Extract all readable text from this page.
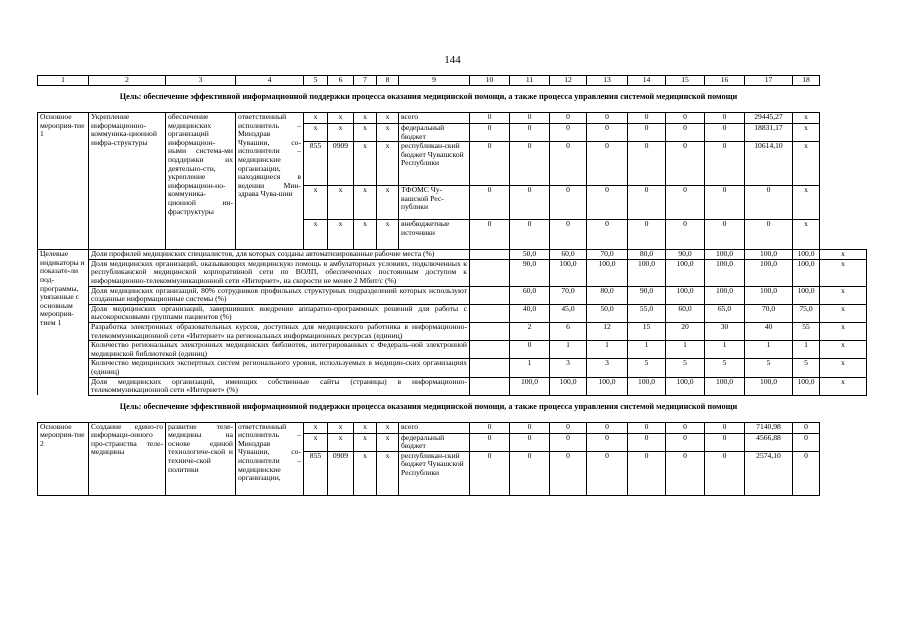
144
1	2	3	4	5	6	7	8	9	10	11	12	13	14	15	16	17	18	

Цель: обеспечение эффективной информационной поддержки процесса оказания медицинской помощи, а также процесса управления системой медицинской помощи																		

Основное мероприя-тие 1	Укрепление информационно-коммуника-ционной инфра-структуры	обеспечение медицинских организаций информацион-ными система-ми поддержки их деятельно-сти, укрепление информацион-но-коммуника-ционной ин-фраструктуры	ответственный исполнитель – Минздрав Чувашии, со-исполнители – медицинские организации, находящиеся в ведении Мин-здрава Чува-шии	x	x	x	x	всего	0	0	0	0	0	0	0	29445,27	x	
				x	x	x	x	федеральный бюджет	0	0	0	0	0	0	0	18831,17	x	
				855	0909	x	x	республикан-ский бюджет Чувашской Республики	0	0	0	0	0	0	0	10614,10	x	
				x	x	x	x	ТФОМС Чу-вашской Рес-публики	0	0	0	0	0	0	0	0	x	
				x	x	x	x	внебюджетные источники	0	0	0	0	0	0	0	0	x	
Целевые индикаторы и показате-ли под-программы, увязанные с основным мероприя-тием 1	Доля профилей медицинских специалистов, для которых созданы автоматизированные рабочие места (%)									50,0	60,0	70,0	80,0	90,0	100,0	100,0	100,0	x
	Доля медицинских организаций, оказывающих медицинскую помощь в амбулаторных условиях, подключенных к республиканской медицинской корпоративной сети по ВОЛП, обеспеченных постоянным доступом к информационно-телекоммуникационной сети «Интернет», на скорости не менее 2 Мбит/с (%)									90,0	100,0	100,0	100,0	100,0	100,0	100,0	100,0	x
	Доля медицинских организаций, 80% сотрудников профильных структурных подразделений которых используют созданные информационные системы (%)									60,0	70,0	80,0	90,0	100,0	100,0	100,0	100,0	x
	Доля медицинских организаций, завершивших внедрение аппаратно-программных решений для работы с высокорисковыми группами пациентов (%)									40,0	45,0	50,0	55,0	60,0	65,0	70,0	75,0	x
	Разработка электронных образовательных курсов, доступных для медицинского работника в информационно-телекоммуникационной сети «Интернет» на региональных информационных ресурсах (единиц)									2	6	12	15	20	30	40	55	x
	Количество региональных электронных медицинских библиотек, интегрированных с Федераль-ной электронной медицинской библиотекой (единиц)									0	1	1	1	1	1	1	1	x
	Количество медицинских экспертных систем регионального уровня, используемых в медицин-ских организациях (единиц)									1	3	3	5	5	5	5	5	x
	Доля медицинских организаций, имеющих собственные сайты (страницы) в информационно-телекоммуникационной сети «Интернет» (%)									100,0	100,0	100,0	100,0	100,0	100,0	100,0	100,0	x

Цель: обеспечение эффективной информационной поддержки процесса оказания медицинской помощи, а также процесса управления системой медицинской помощи																		

Основное мероприя-тие 2	Создание едино-го информаци-онного про-странства теле-медицины	развитие теле-медицины на основе единой технологиче-ской и техниче-ской политики	ответственный исполнитель – Минздрав Чувашии, со-исполнители – медицинские организации,	x	x	x	x	всего	0	0	0	0	0	0	0	7140,98	0	
				x	x	x	x	федеральный бюджет	0	0	0	0	0	0	0	4566,88	0	
				855	0909	x	x	республикан-ский бюджет Чувашской Республики	0	0	0	0	0	0	0	2574,10	0	
